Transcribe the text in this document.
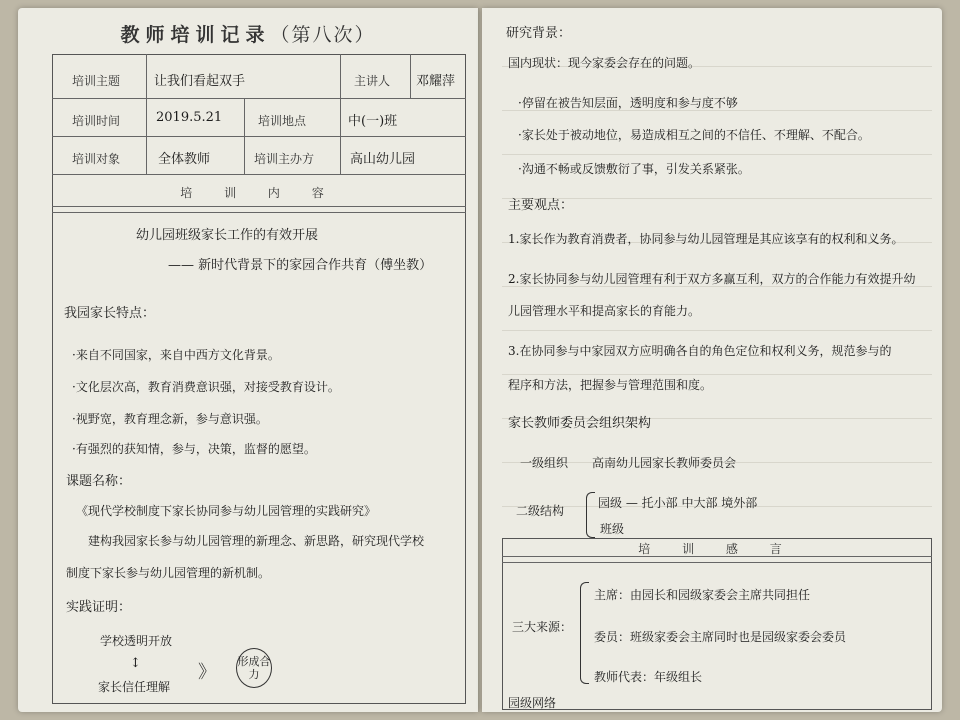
教师培训记录（第八次）
培训主题	让我们看起双手	主讲人 邓耀萍
培训时间	2019.5.21	培训地点	中(一)班
培训对象	全体教师	培训主办方	高山幼儿园
培 训 内 容
幼儿园班级家长工作的有效开展
—— 新时代背景下的家园合作共育（傅坐教）
我园家长特点：
·来自不同国家，来自中西方文化背景。
·文化层次高，教育消费意识强，对接受教育设计。
·视野宽，教育理念新，参与意识强。
·有强烈的获知情，参与，决策，监督的愿望。
课题名称：
《现代学校制度下家长协同参与幼儿园管理的实践研究》
建构我园家长参与幼儿园管理的新理念、新思路，研究现代学校
制度下家长参与幼儿园管理的新机制。
实践证明：
学校透明开放
↕
家长信任理解
》
形成合力
研究背景：
国内现状：现今家委会存在的问题。
·停留在被告知层面，透明度和参与度不够
·家长处于被动地位，易造成相互之间的不信任、不理解、不配合。
·沟通不畅或反馈敷衍了事，引发关系紧张。
主要观点：
1.家长作为教育消费者，协同参与幼儿园管理是其应该享有的权利和义务。
2.家长协同参与幼儿园管理有利于双方多赢互利，双方的合作能力有效提升幼
儿园管理水平和提高家长的育能力。
3.在协同参与中家园双方应明确各自的角色定位和权利义务，规范参与的
程序和方法，把握参与管理范围和度。
家长教师委员会组织架构
一级组织 高南幼儿园家长教师委员会
二级结构
园级 — 托小部 中大部 境外部
班级
培 训 感 言
三大来源：
主席：由园长和园级家委会主席共同担任
委员：班级家委会主席同时也是园级家委会委员
教师代表：年级组长
园级网络
